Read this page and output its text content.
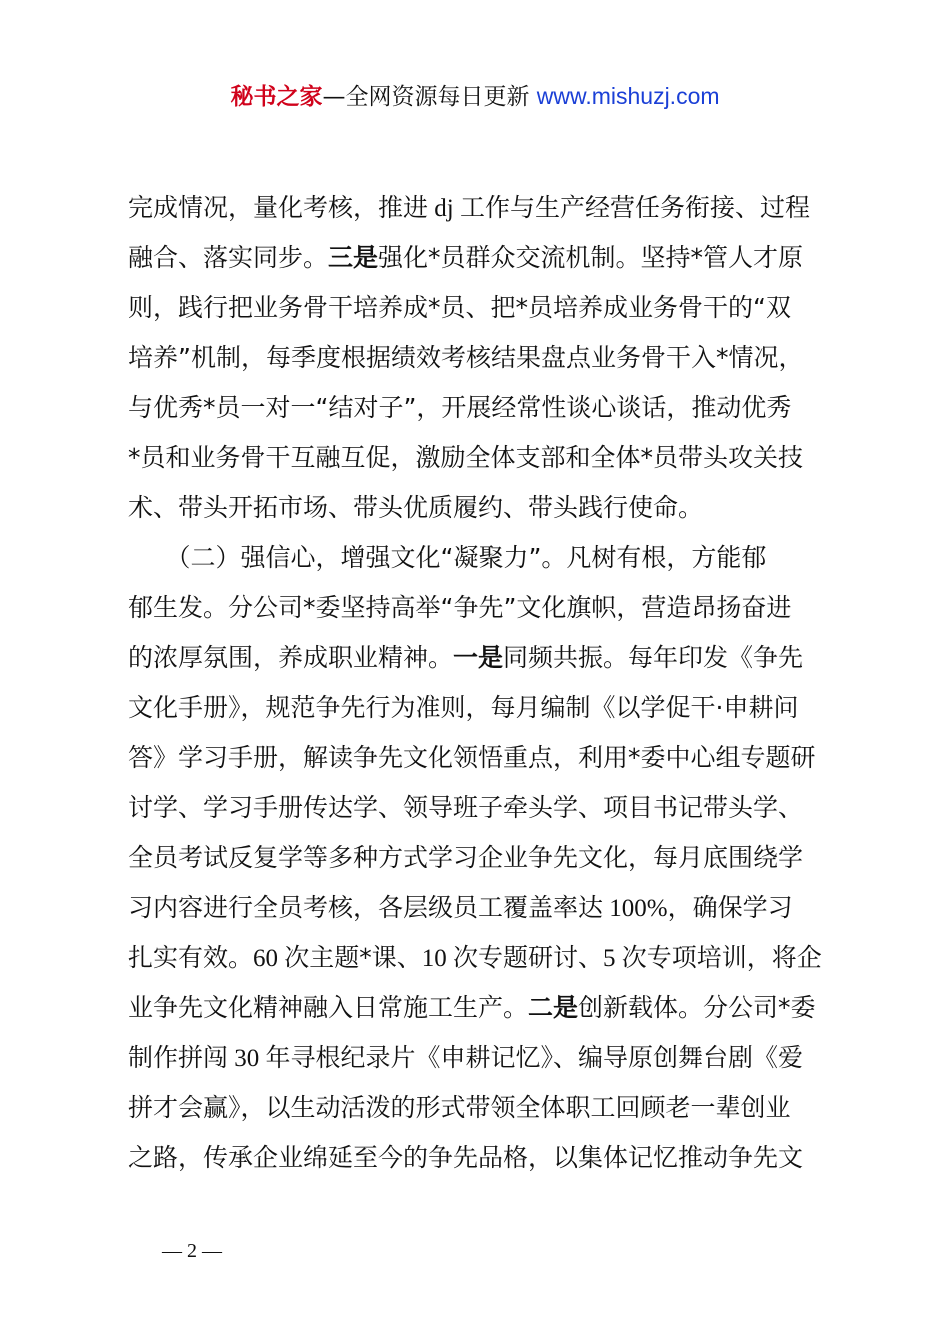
秘书之家—全网资源每日更新 www.mishuzj.com
完成情况，量化考核，推进 dj 工作与生产经营任务衔接、过程
融合、落实同步。三是强化*员群众交流机制。坚持*管人才原
则，践行把业务骨干培养成*员、把*员培养成业务骨干的“双
培养”机制，每季度根据绩效考核结果盘点业务骨干入*情况，
与优秀*员一对一“结对子”，开展经常性谈心谈话，推动优秀
*员和业务骨干互融互促，激励全体支部和全体*员带头攻关技
术、带头开拓市场、带头优质履约、带头践行使命。
　　（二）强信心，增强文化“凝聚力”。凡树有根，方能郁
郁生发。分公司*委坚持高举“争先”文化旗帜，营造昂扬奋进
的浓厚氛围，养成职业精神。一是同频共振。每年印发《争先
文化手册》，规范争先行为准则，每月编制《以学促干·申耕问
答》学习手册，解读争先文化领悟重点，利用*委中心组专题研
讨学、学习手册传达学、领导班子牵头学、项目书记带头学、
全员考试反复学等多种方式学习企业争先文化，每月底围绕学
习内容进行全员考核，各层级员工覆盖率达 100%，确保学习
扎实有效。60 次主题*课、10 次专题研讨、5 次专项培训，将企
业争先文化精神融入日常施工生产。二是创新载体。分公司*委
制作拼闯 30 年寻根纪录片《申耕记忆》、编导原创舞台剧《爱
拼才会赢》，以生动活泼的形式带领全体职工回顾老一辈创业
之路，传承企业绵延至今的争先品格，以集体记忆推动争先文
— 2 —
